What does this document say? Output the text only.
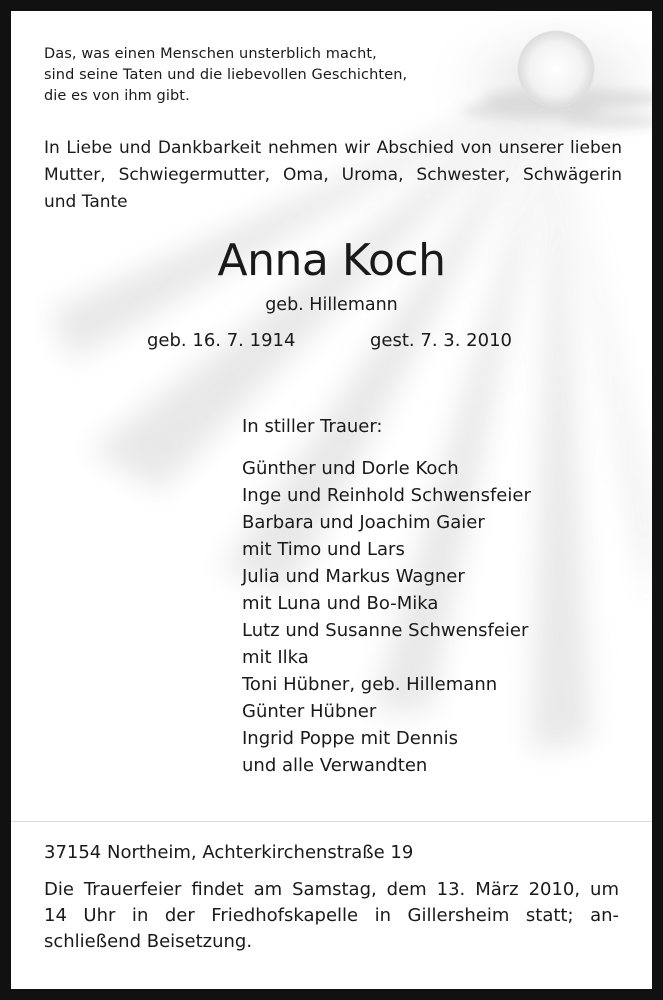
Das, was einen Menschen unsterblich macht,
sind seine Taten und die liebevollen Geschichten,
die es von ihm gibt.
In Liebe und Dankbarkeit nehmen wir Abschied von unserer lieben
Mutter, Schwiegermutter, Oma, Uroma, Schwester, Schwägerin
und Tante
Anna Koch
geb. Hillemann
geb. 16. 7. 1914	gest. 7. 3. 2010
In stiller Trauer:
Günther und Dorle Koch
Inge und Reinhold Schwensfeier
Barbara und Joachim Gaier
mit Timo und Lars
Julia und Markus Wagner
mit Luna und Bo-Mika
Lutz und Susanne Schwensfeier
mit Ilka
Toni Hübner, geb. Hillemann
Günter Hübner
Ingrid Poppe mit Dennis
und alle Verwandten
37154 Northeim, Achterkirchenstraße 19
Die Trauerfeier findet am Samstag, dem 13. März 2010, um
14 Uhr in der Friedhofskapelle in Gillersheim statt; an-
schließend Beisetzung.
